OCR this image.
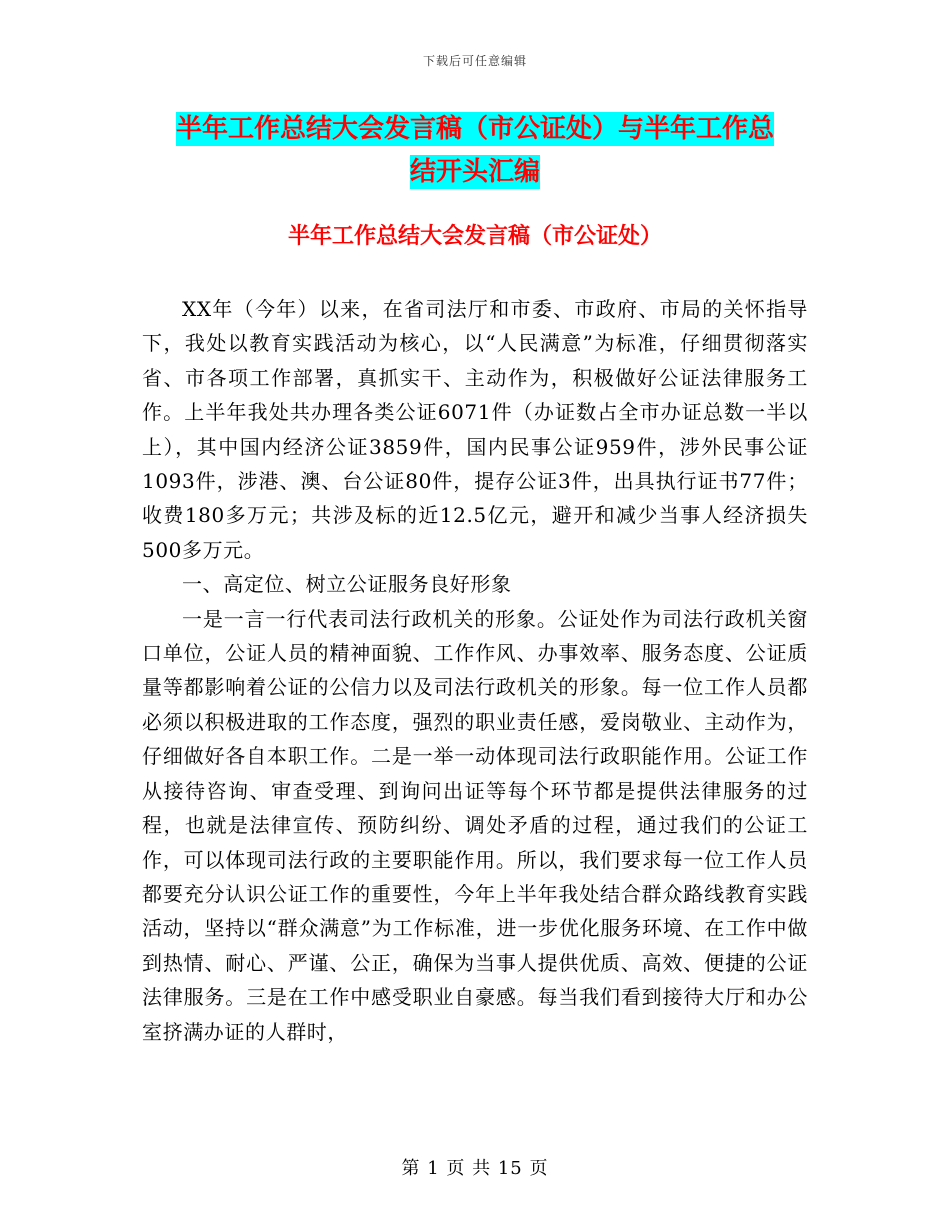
下载后可任意编辑
半年工作总结大会发言稿（市公证处）与半年工作总
结开头汇编
半年工作总结大会发言稿（市公证处）

XX年（今年）以来，在省司法厅和市委、市政府、市局的关怀指导下，我处以教育实践活动为核心，以“人民满意”为标准，仔细贯彻落实省、市各项工作部署，真抓实干、主动作为，积极做好公证法律服务工作。上半年我处共办理各类公证6071件（办证数占全市办证总数一半以上），其中国内经济公证3859件，国内民事公证959件，涉外民事公证1093件，涉港、澳、台公证80件，提存公证3件，出具执行证书77件；收费180多万元；共涉及标的近12.5亿元，避开和减少当事人经济损失500多万元。

一、高定位、树立公证服务良好形象

一是一言一行代表司法行政机关的形象。公证处作为司法行政机关窗口单位，公证人员的精神面貌、工作作风、办事效率、服务态度、公证质量等都影响着公证的公信力以及司法行政机关的形象。每一位工作人员都必须以积极进取的工作态度，强烈的职业责任感，爱岗敬业、主动作为，仔细做好各自本职工作。二是一举一动体现司法行政职能作用。公证工作从接待咨询、审查受理、到询问出证等每个环节都是提供法律服务的过程，也就是法律宣传、预防纠纷、调处矛盾的过程，通过我们的公证工作，可以体现司法行政的主要职能作用。所以，我们要求每一位工作人员都要充分认识公证工作的重要性，今年上半年我处结合群众路线教育实践活动，坚持以“群众满意”为工作标准，进一步优化服务环境、在工作中做到热情、耐心、严谨、公正，确保为当事人提供优质、高效、便捷的公证法律服务。三是在工作中感受职业自豪感。每当我们看到接待大厅和办公室挤满办证的人群时，

第 1 页 共 15 页
